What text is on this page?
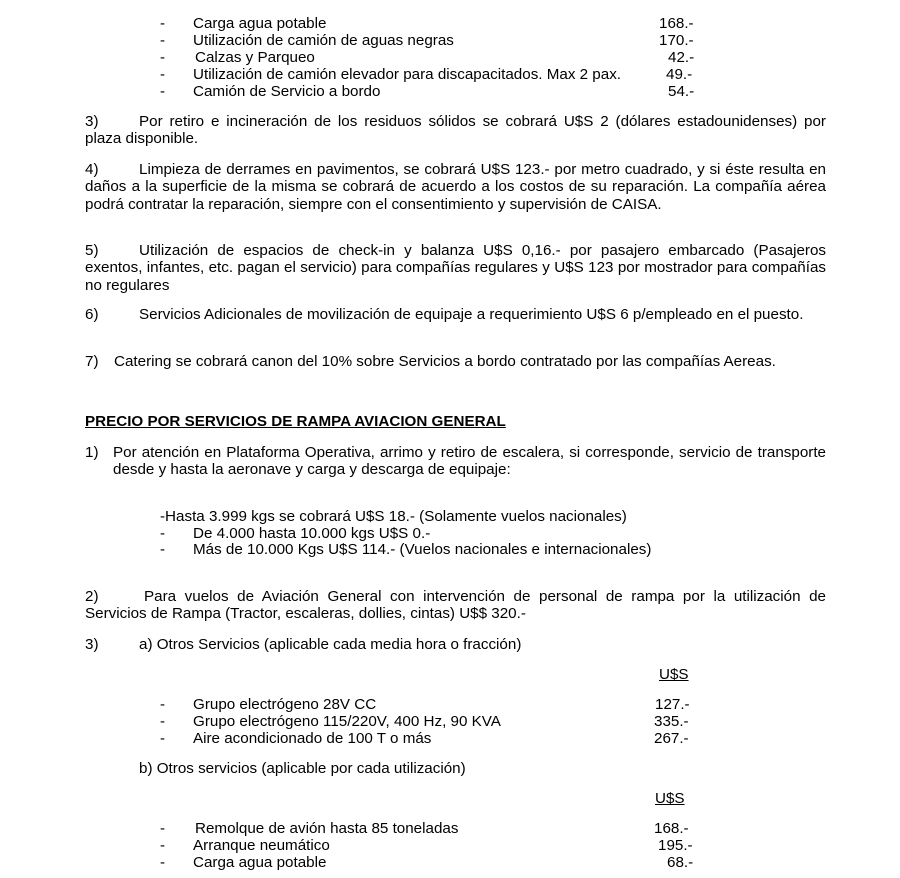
- Carga agua potable	168.-
- Utilización de camión de aguas negras	170.-
- Calzas y Parqueo	42.-
- Utilización de camión elevador para discapacitados. Max 2 pax.	49.-
- Camión de Servicio a bordo	54.-
3)	Por retiro e incineración de los residuos sólidos se cobrará U$S 2 (dólares estadounidenses) por plaza disponible.
4)	Limpieza de derrames en pavimentos, se cobrará U$S 123.- por metro cuadrado, y si éste resulta en daños a la superficie de la misma se cobrará de acuerdo a los costos de su reparación. La compañía aérea podrá contratar la reparación, siempre con el consentimiento y supervisión de CAISA.
5)	Utilización de espacios de check-in y balanza U$S 0,16.- por pasajero embarcado (Pasajeros exentos, infantes, etc. pagan el servicio) para compañías regulares y U$S 123 por mostrador para compañías no regulares
6)	Servicios Adicionales de movilización de equipaje a requerimiento U$S 6 p/empleado en el puesto.
7) Catering se cobrará canon del 10% sobre Servicios a bordo contratado por las compañías Aereas.
PRECIO POR SERVICIOS DE RAMPA AVIACION GENERAL
1) Por atención en Plataforma Operativa, arrimo y retiro de escalera, si corresponde, servicio de transporte desde y hasta la aeronave y carga y descarga de equipaje:
-Hasta 3.999 kgs se cobrará U$S 18.- (Solamente vuelos nacionales)
- De 4.000 hasta 10.000 kgs U$S 0.-
- Más de 10.000 Kgs U$S 114.- (Vuelos nacionales e internacionales)
2)	Para vuelos de Aviación General con intervención de personal de rampa por la utilización de Servicios de Rampa (Tractor, escaleras, dollies, cintas) U$$ 320.-
3)	a) Otros Servicios (aplicable cada media hora o fracción)
U$S
- Grupo electrógeno 28V CC	127.-
- Grupo electrógeno 115/220V, 400 Hz, 90 KVA	335.-
- Aire acondicionado de 100 T o más	267.-
b) Otros servicios (aplicable por cada utilización)
U$S
- Remolque de avión hasta 85 toneladas	168.-
- Arranque neumático	195.-
- Carga agua potable	68.-
